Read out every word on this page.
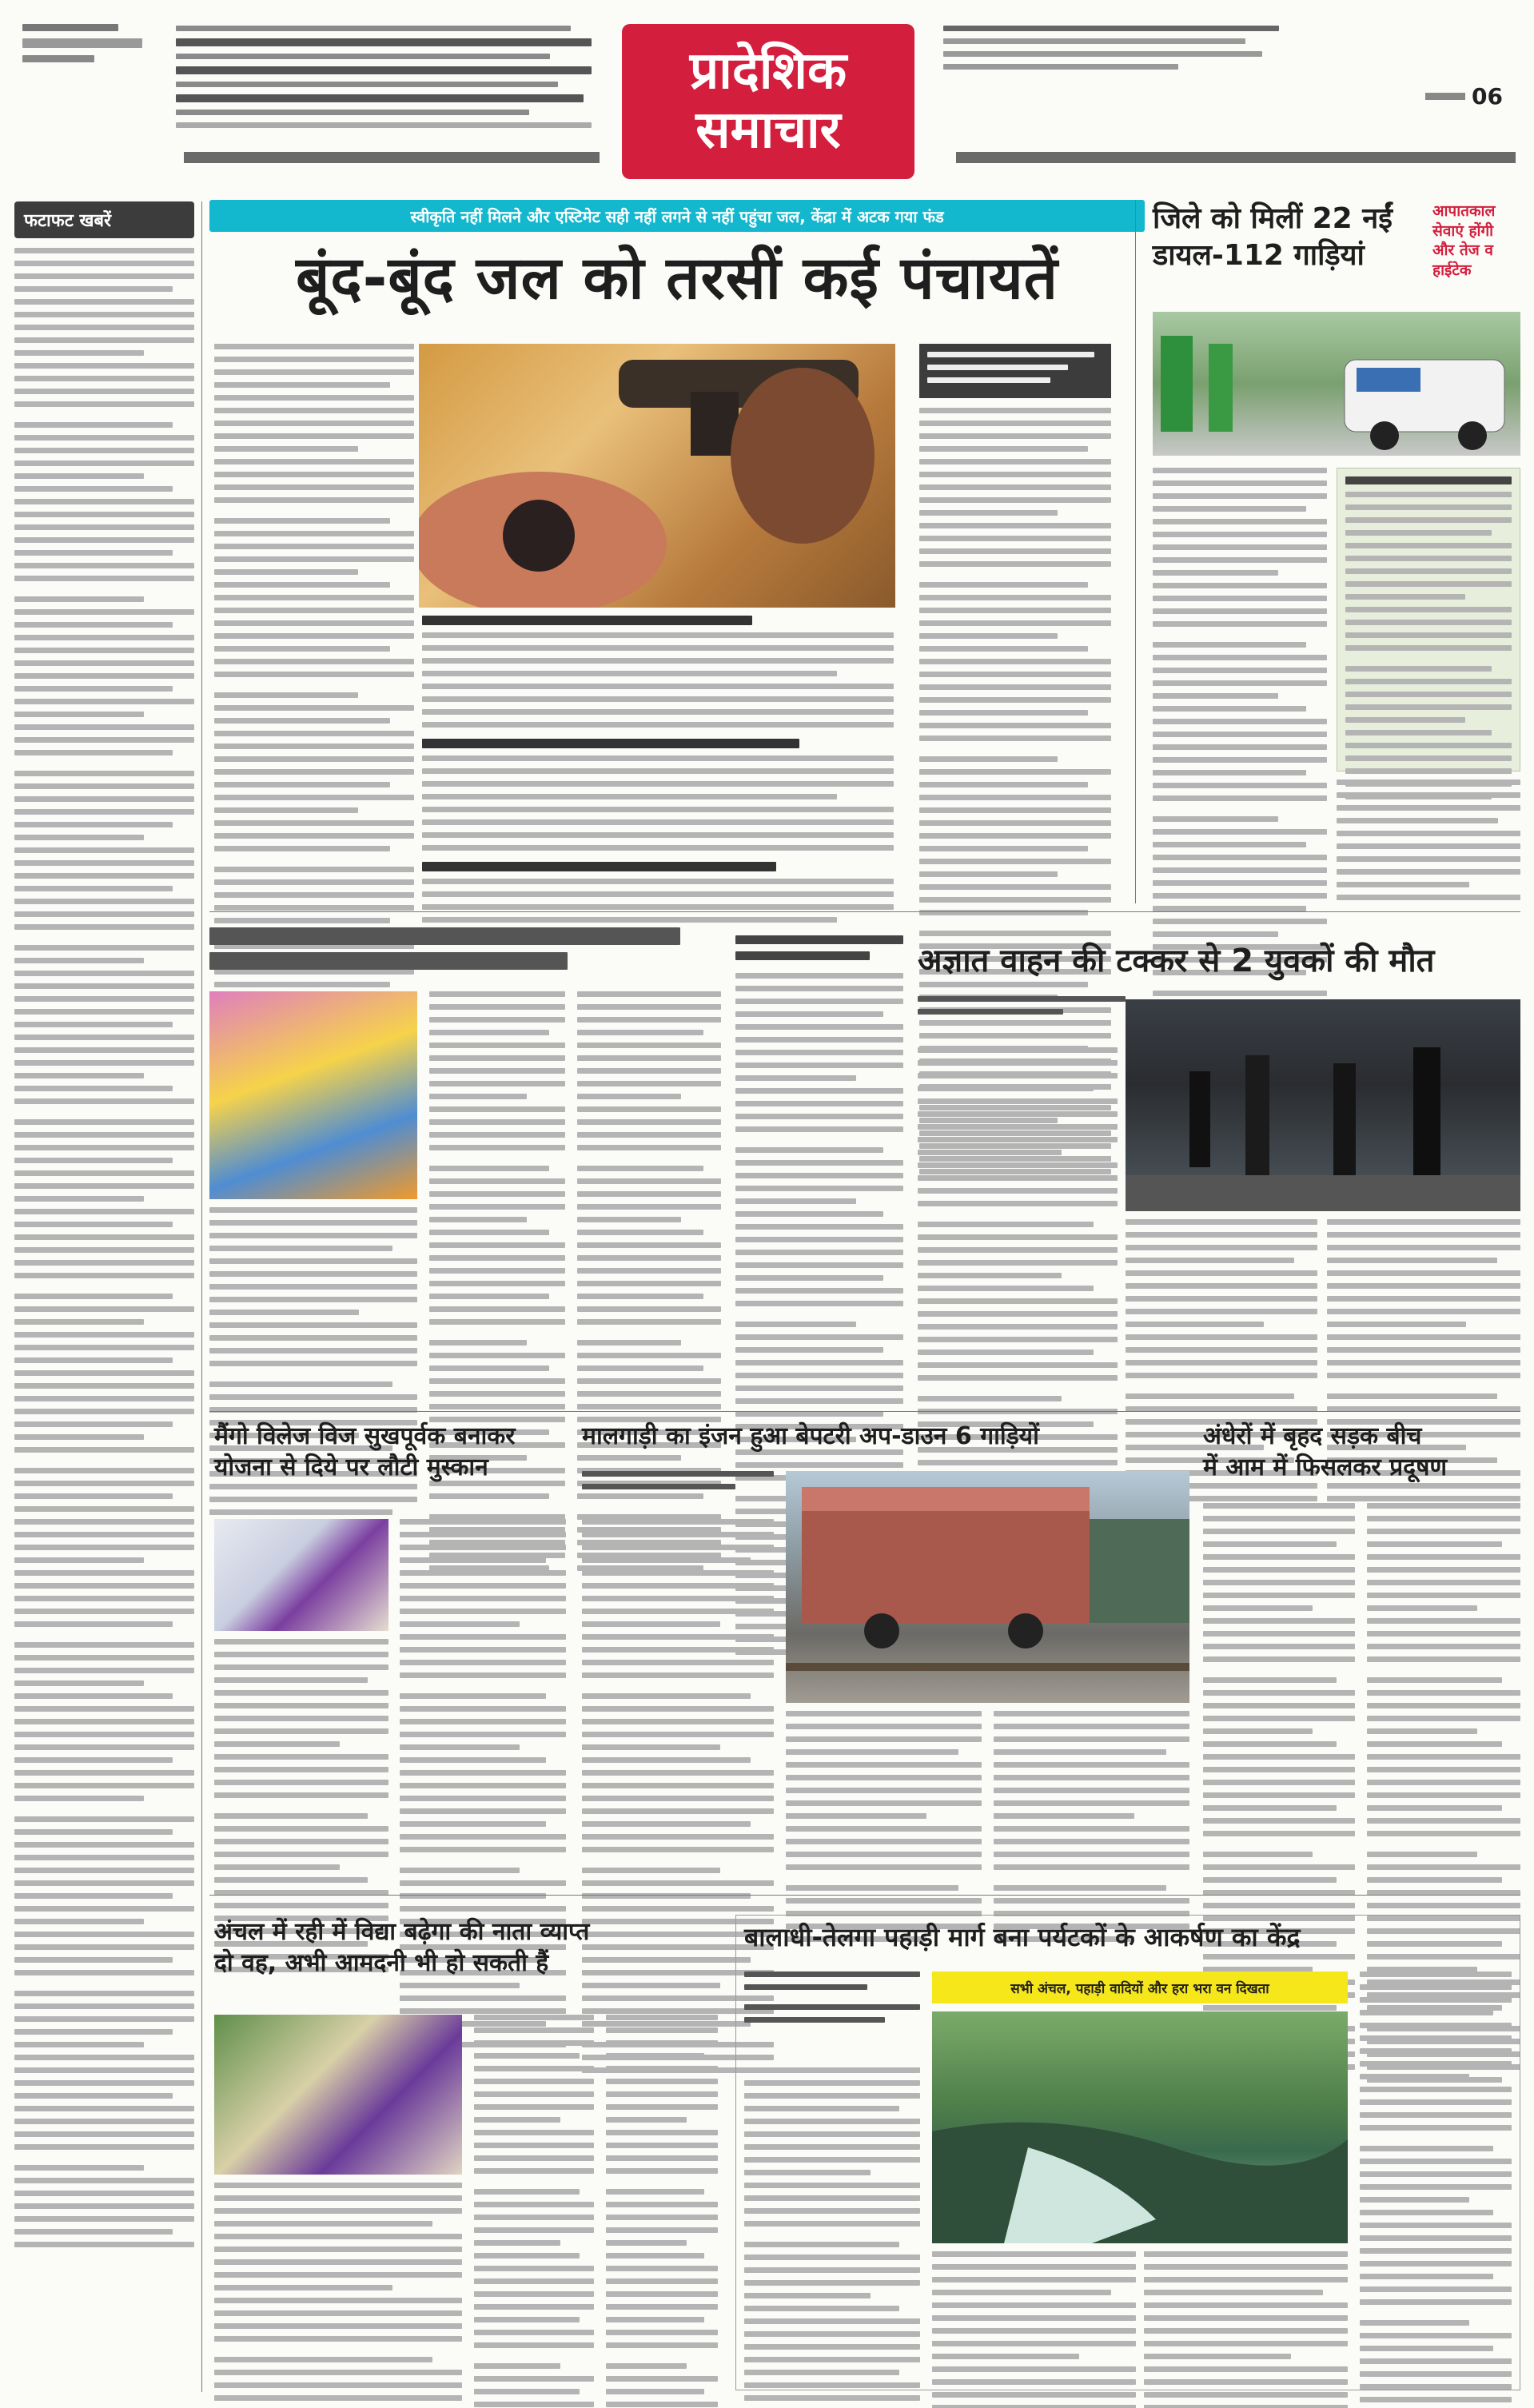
प्रादेशिक
समाचार
06
फटाफट खबरें	स्वीकृति नहीं मिलने और एस्टिमेट सही नहीं लगने से नहीं पहुंचा जल, केंद्रा में अटक गया फंड
बूंद-बूंद जल को तरसीं कई पंचायतें
जिले को मिलीं 22 नईं
डायल-112 गाड़ियां
आपातकाल
सेवाएं होंगी
और तेज व
हाईटेक
अज्ञात वाहन की टक्कर से 2 युवकों की मौत
मैंगो विलेज विज सुखपूर्वक बनाकर
योजना से दिये पर लौटी मुस्कान
मालगाड़ी का इंजन हुआ बेपटरी अप-डाउन 6 गाड़ियों	अंधेरों में बृहद सड़क बीच
में आम में फिसलकर प्रदूषण
अंचल में रही में विद्या बढ़ेगा की नाता व्याप्त
दो वह, अभी आमदनी भी हो सकती हैं
बालाधी-तेलगा पहाड़ी मार्ग बना पर्यटकों के आकर्षण का केंद्र
सभी अंचल, पहाड़ी वादियों और हरा भरा वन दिखता
